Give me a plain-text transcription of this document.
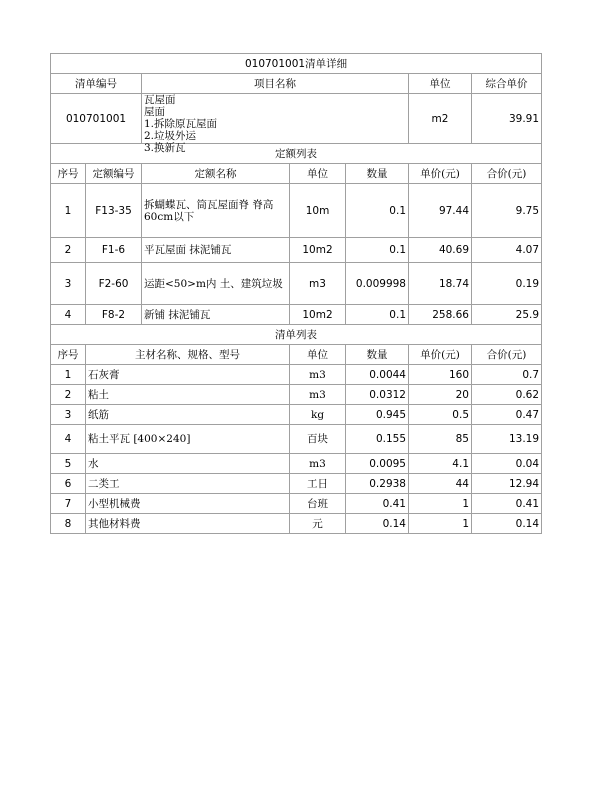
010701001清单详细						
清单编号		项目名称			单位	综合单价
010701001		瓦屋面
屋面
1.拆除原瓦屋面
2.垃圾外运
3.换新瓦			m2	39.91
定额列表						
序号	定额编号	定额名称	单位	数量	单价(元)	合价(元)
1	F13-35	拆蝴蝶瓦、筒瓦屋面脊 脊高60cm以下	10m	0.1	97.44	9.75
2	F1-6	平瓦屋面 抹泥铺瓦	10m2	0.1	40.69	4.07
3	F2-60	运距<50>m内 土、建筑垃圾	m3	0.009998	18.74	0.19
4	F8-2	新铺 抹泥铺瓦	10m2	0.1	258.66	25.9
清单列表						
序号	主材名称、规格、型号		单位	数量	单价(元)	合价(元)
1	石灰膏		m3	0.0044	160	0.7
2	粘土		m3	0.0312	20	0.62
3	纸筋		kg	0.945	0.5	0.47
4	粘土平瓦 [400×240]		百块	0.155	85	13.19
5	水		m3	0.0095	4.1	0.04
6	二类工		工日	0.2938	44	12.94
7	小型机械费		台班	0.41	1	0.41
8	其他材料费		元	0.14	1	0.14
